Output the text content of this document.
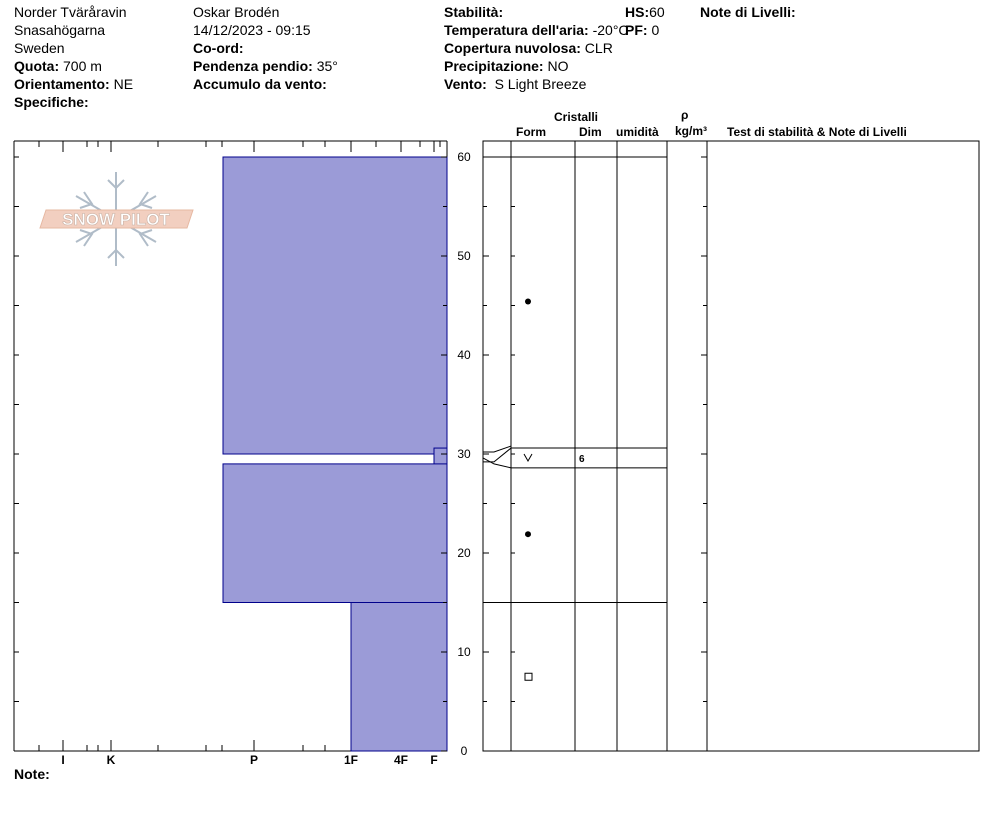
Norder Tväråravin
Snasahögarna
Sweden
Quota: 700 m
Orientamento: NE
Specifiche:
Oskar Brodén
14/12/2023 - 09:15
Co-ord:
Pendenza pendio: 35°
Accumulo da vento:
Stabilità:
Temperatura dell'aria: -20°C
Copertura nuvolosa: CLR
Precipitazione: NO
Vento: S Light Breeze
HS:60
PF: 0
Note di Livelli:
Cristalli
Form	Dim umidità
ρ
kg/m³ Test di stabilità & Note di Livelli
Note:
SNOW PILOT
I	K	P	1F	4F F
0
10
20
30
40
50
60
6
